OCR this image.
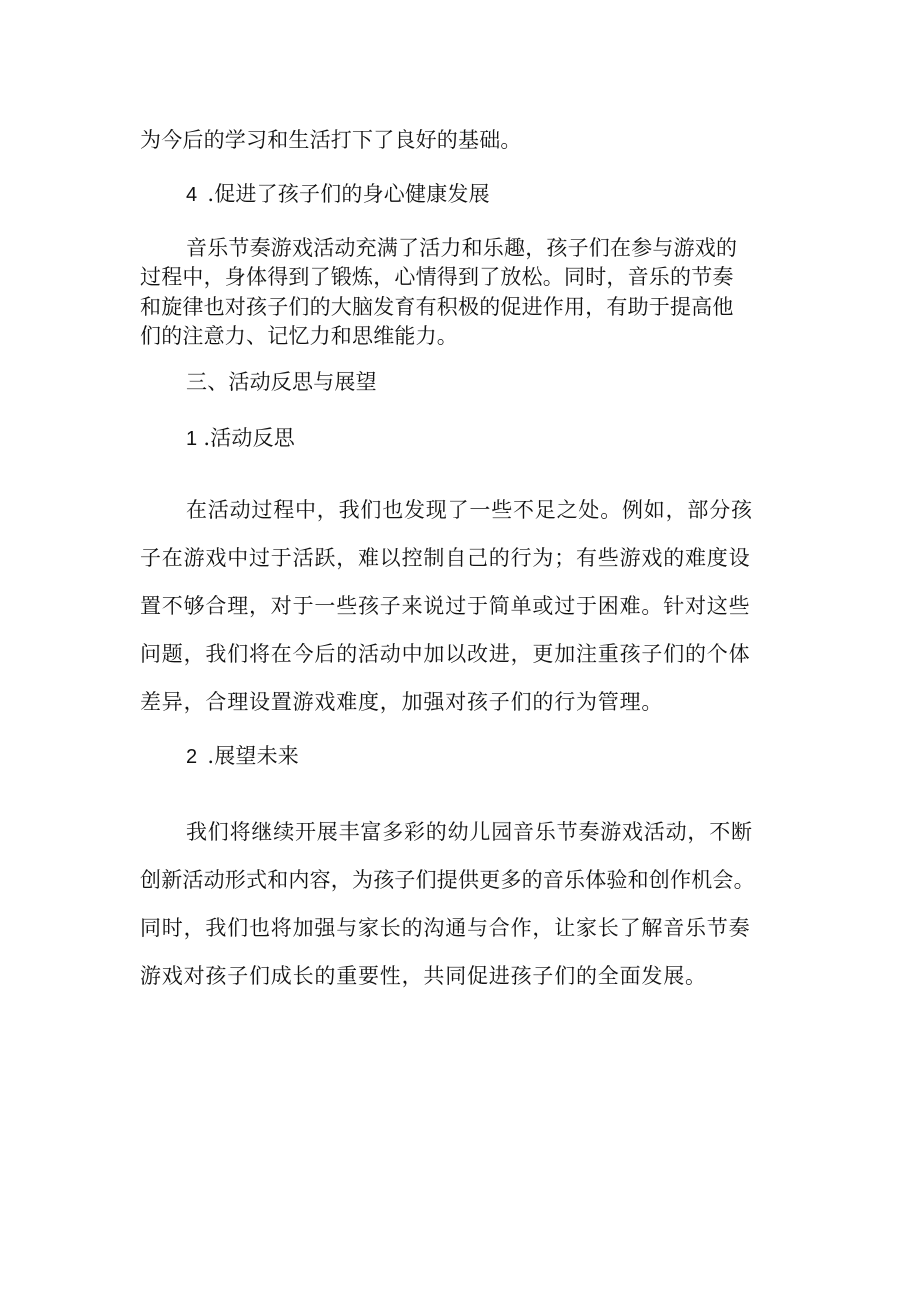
为今后的学习和生活打下了良好的基础。
4 .促进了孩子们的身心健康发展
音乐节奏游戏活动充满了活力和乐趣，孩子们在参与游戏的
过程中，身体得到了锻炼，心情得到了放松。同时，音乐的节奏
和旋律也对孩子们的大脑发育有积极的促进作用，有助于提高他
们的注意力、记忆力和思维能力。
三、活动反思与展望
1 .活动反思
在活动过程中，我们也发现了一些不足之处。例如，部分孩
子在游戏中过于活跃，难以控制自己的行为；有些游戏的难度设
置不够合理，对于一些孩子来说过于简单或过于困难。针对这些
问题，我们将在今后的活动中加以改进，更加注重孩子们的个体
差异，合理设置游戏难度，加强对孩子们的行为管理。
2 .展望未来
我们将继续开展丰富多彩的幼儿园音乐节奏游戏活动，不断
创新活动形式和内容，为孩子们提供更多的音乐体验和创作机会。
同时，我们也将加强与家长的沟通与合作，让家长了解音乐节奏
游戏对孩子们成长的重要性，共同促进孩子们的全面发展。
